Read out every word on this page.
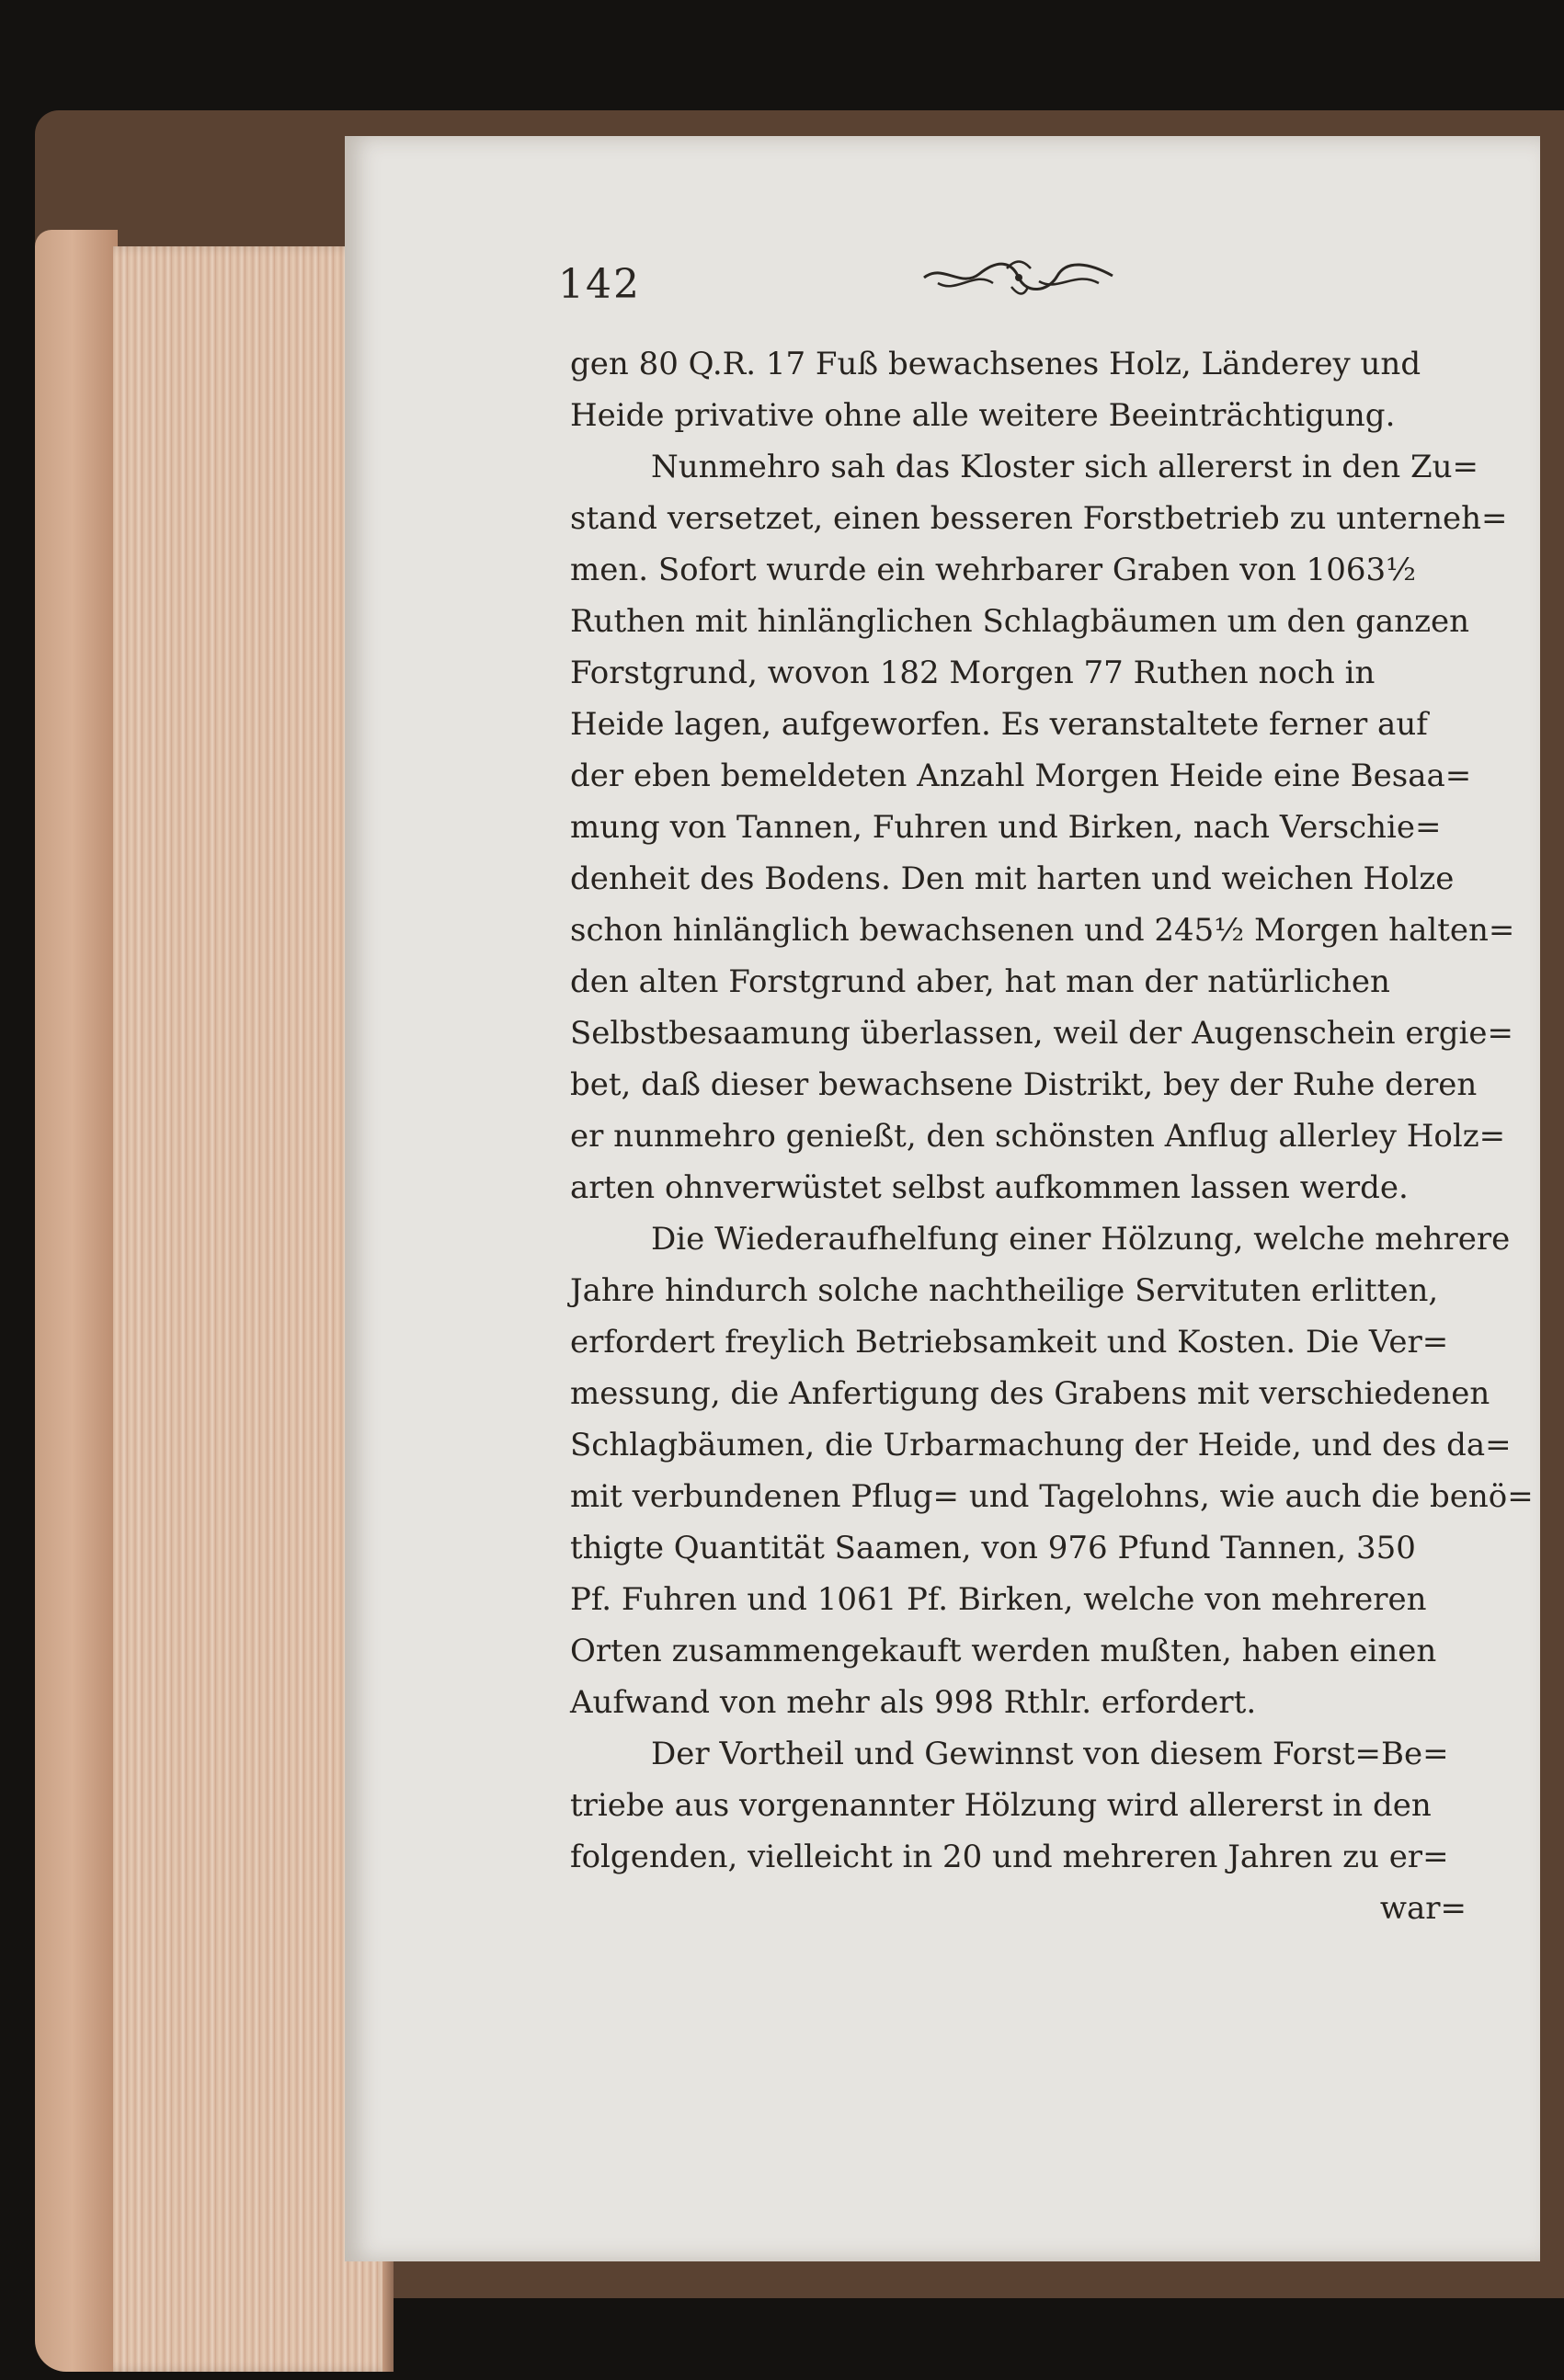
142
gen 80 Q.R. 17 Fuß bewachsenes Holz, Länderey und
Heide privative ohne alle weitere Beeinträchtigung.
Nunmehro sah das Kloster sich allererst in den Zu=
stand versetzet, einen besseren Forstbetrieb zu unterneh=
men. Sofort wurde ein wehrbarer Graben von 1063½
Ruthen mit hinlänglichen Schlagbäumen um den ganzen
Forstgrund, wovon 182 Morgen 77 Ruthen noch in
Heide lagen, aufgeworfen. Es veranstaltete ferner auf
der eben bemeldeten Anzahl Morgen Heide eine Besaa=
mung von Tannen, Fuhren und Birken, nach Verschie=
denheit des Bodens. Den mit harten und weichen Holze
schon hinlänglich bewachsenen und 245½ Morgen halten=
den alten Forstgrund aber, hat man der natürlichen
Selbstbesaamung überlassen, weil der Augenschein ergie=
bet, daß dieser bewachsene Distrikt, bey der Ruhe deren
er nunmehro genießt, den schönsten Anflug allerley Holz=
arten ohnverwüstet selbst aufkommen lassen werde.
Die Wiederaufhelfung einer Hölzung, welche mehrere
Jahre hindurch solche nachtheilige Servituten erlitten,
erfordert freylich Betriebsamkeit und Kosten. Die Ver=
messung, die Anfertigung des Grabens mit verschiedenen
Schlagbäumen, die Urbarmachung der Heide, und des da=
mit verbundenen Pflug= und Tagelohns, wie auch die benö=
thigte Quantität Saamen, von 976 Pfund Tannen, 350
Pf. Fuhren und 1061 Pf. Birken, welche von mehreren
Orten zusammengekauft werden mußten, haben einen
Aufwand von mehr als 998 Rthlr. erfordert.
Der Vortheil und Gewinnst von diesem Forst=Be=
triebe aus vorgenannter Hölzung wird allererst in den
folgenden, vielleicht in 20 und mehreren Jahren zu er=
war=
